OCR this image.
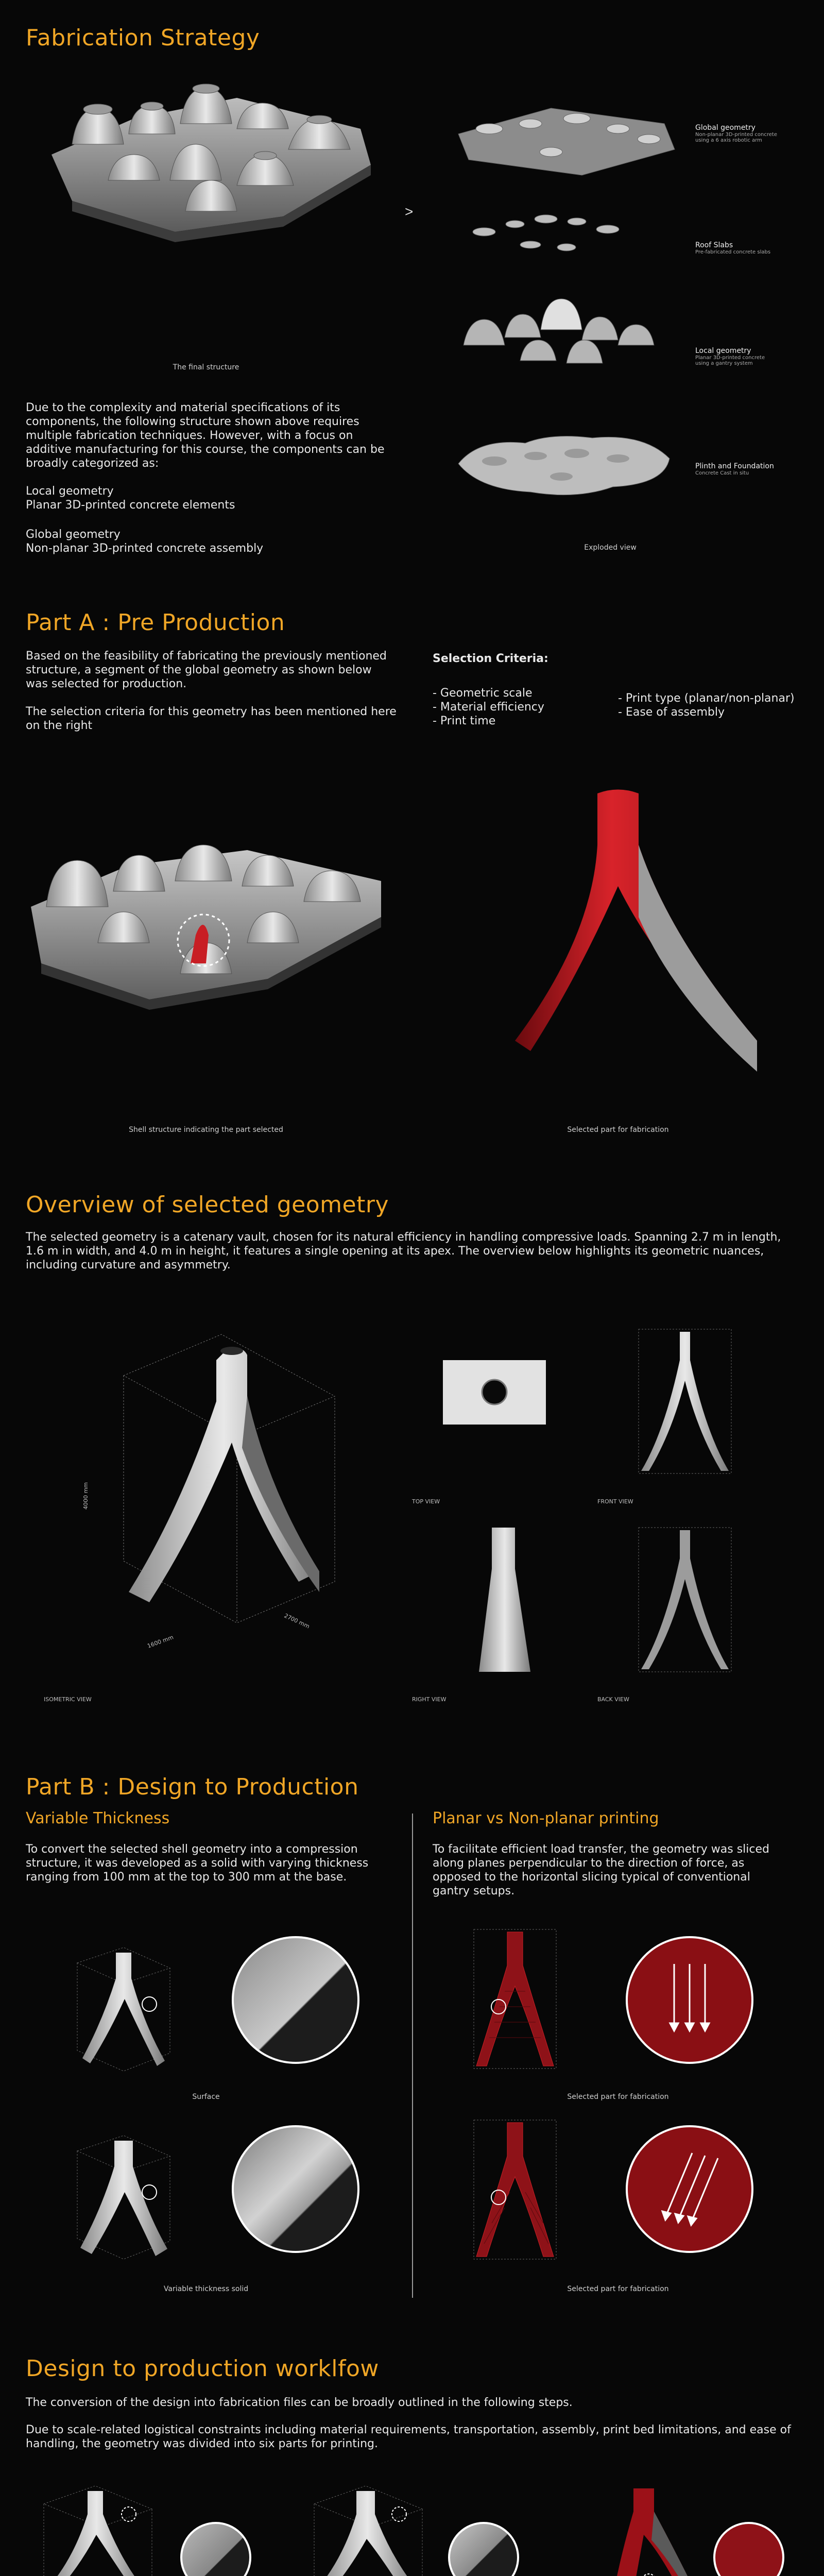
Fabrication Strategy
The final structure
>
Global geometry
Non-planar 3D-printed concrete
using a 6 axis robotic arm
Roof Slabs
Pre-fabricated concrete slabs
Local geometry
Planar 3D-printed concrete
using a gantry system
Plinth and Foundation
Concrete Cast in situ
Exploded view
Due to the complexity and material specifications of its components, the following structure shown above requires multiple fabrication techniques. However, with a focus on additive manufacturing for this course, the components can be broadly categorized as:
Local geometry
Planar 3D-printed concrete elements
Global geometry
Non-planar 3D-printed concrete assembly
Part A : Pre Production
Based on the feasibility of fabricating the previously mentioned structure, a segment of the global geometry as shown below was selected for production.

The selection criteria for this geometry has been mentioned here on the right
Selection Criteria:
- Geometric scale
- Material efficiency
- Print time
- Print type (planar/non-planar)
- Ease of assembly
Shell structure indicating the part selected	Selected part for fabrication
Overview of selected geometry
The selected geometry is a catenary vault, chosen for its natural efficiency in handling compressive loads. Spanning 2.7 m in length, 1.6 m in width, and 4.0 m in height, it features a single opening at its apex. The overview below highlights its geometric nuances, including curvature and asymmetry.
4000 mm
1600 mm
2700 mm
ISOMETRIC VIEW
TOP VIEW	FRONT VIEW
RIGHT VIEW	BACK VIEW
Part B : Design to Production
Variable Thickness
To convert the selected shell geometry into a compression structure, it was developed as a solid with varying thickness ranging from 100 mm at the top to 300 mm at the base.
Planar vs Non-planar printing
To facilitate efficient load transfer, the geometry was sliced along planes perpendicular to the direction of force, as opposed to the horizontal slicing typical of conventional gantry setups.
Surface	Selected part for fabrication
Variable thickness solid	Selected part for fabrication
Design to production worklfow
The conversion of the design into fabrication files can be broadly outlined in the following steps.
Due to scale-related logistical constraints including material requirements, transportation, assembly, print bed limitations, and ease of handling, the geometry was divided into six parts for printing.
